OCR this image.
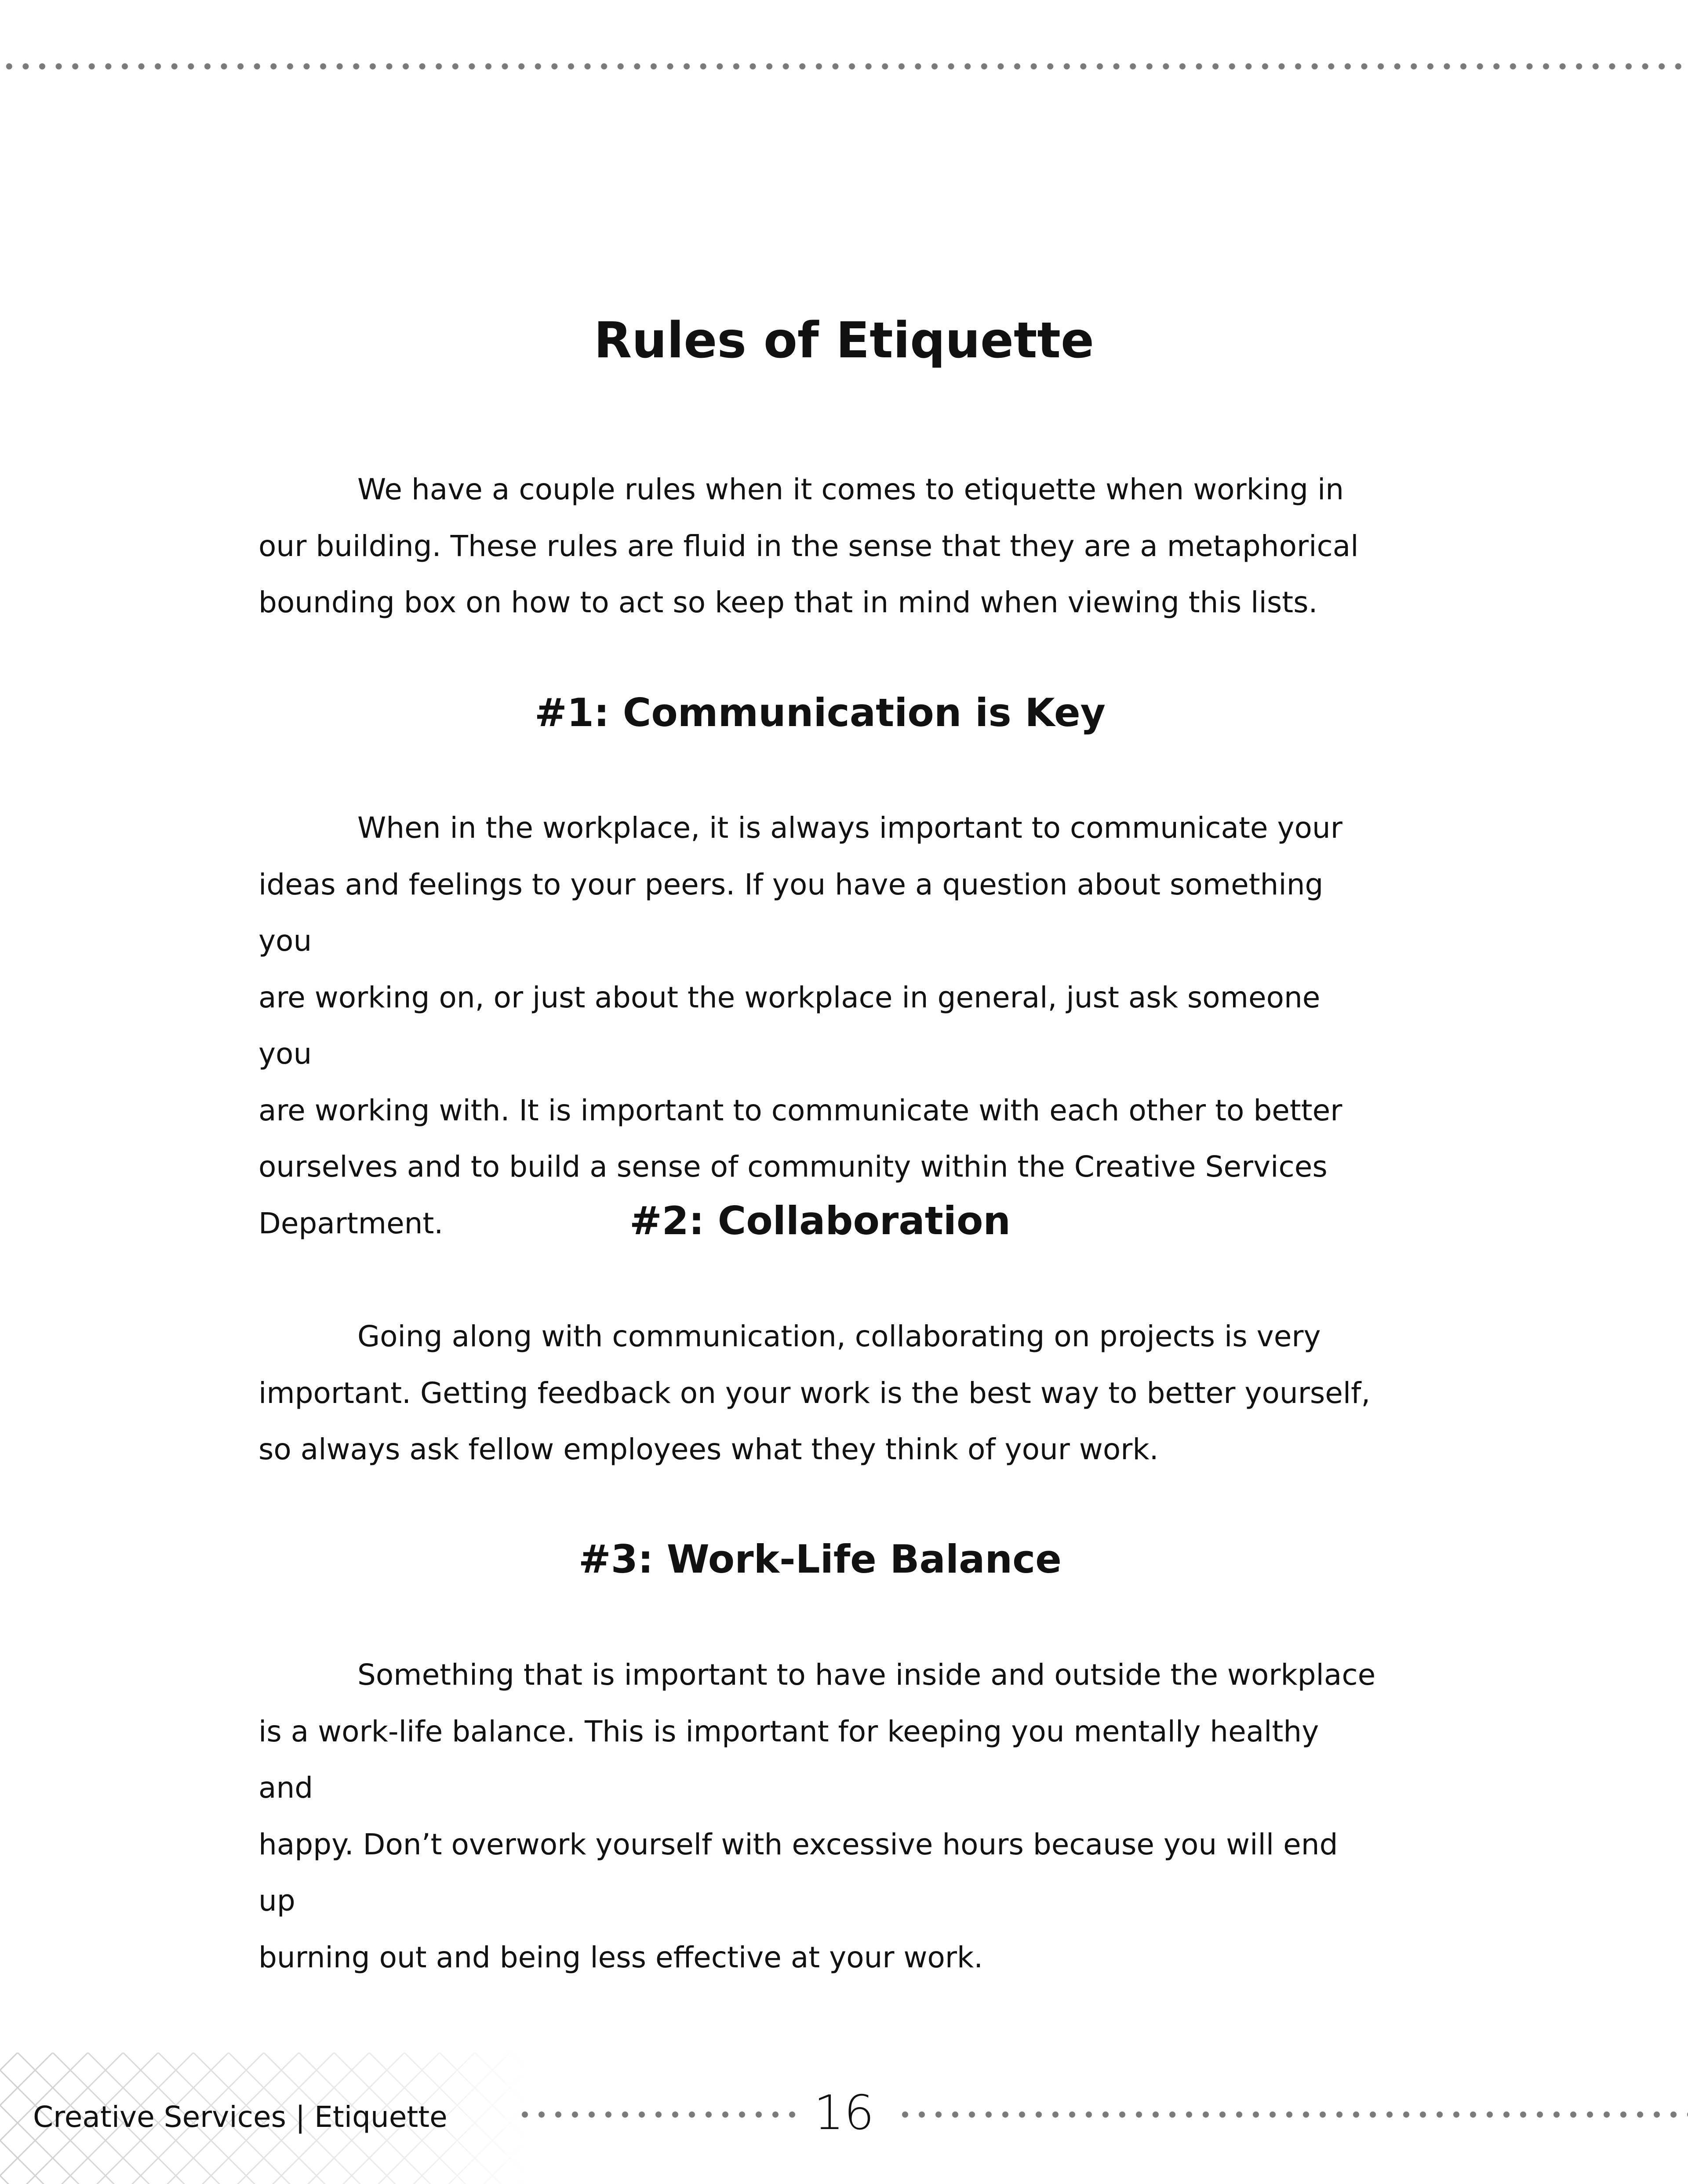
Rules of Etiquette

We have a couple rules when it comes to etiquette when working in
our building. These rules are fluid in the sense that they are a metaphorical
bounding box on how to act so keep that in mind when viewing this lists.

#1: Communication is Key

When in the workplace, it is always important to communicate your
ideas and feelings to your peers. If you have a question about something you
are working on, or just about the workplace in general, just ask someone you
are working with. It is important to communicate with each other to better
ourselves and to build a sense of community within the Creative Services
Department.	#2: Collaboration

Going along with communication, collaborating on projects is very
important. Getting feedback on your work is the best way to better yourself,
so always ask fellow employees what they think of your work.

#3: Work-Life Balance

Something that is important to have inside and outside the workplace
is a work-life balance. This is important for keeping you mentally healthy and
happy. Don’t overwork yourself with excessive hours because you will end up
burning out and being less effective at your work.

Creative Services | Etiquette	16
